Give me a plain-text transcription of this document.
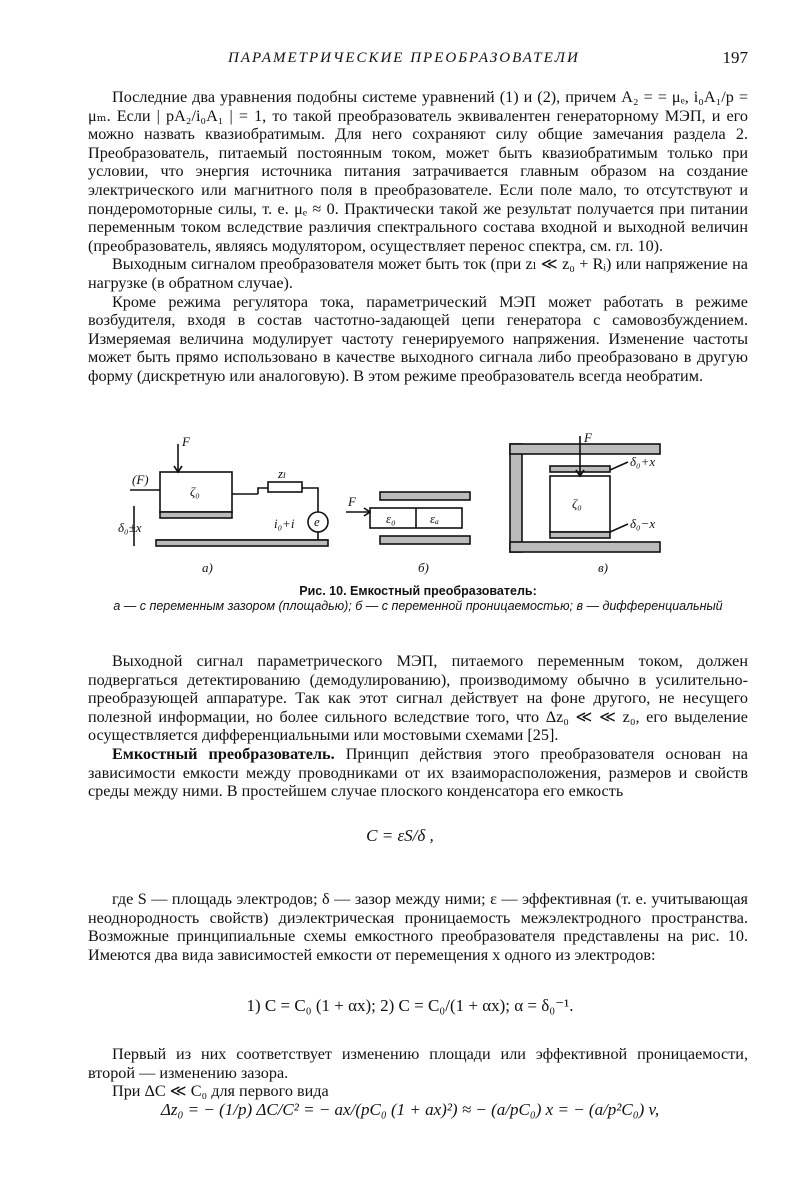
ПАРАМЕТРИЧЕСКИЕ ПРЕОБРАЗОВАТЕЛИ	197

Последние два уравнения подобны системе уравнений (1) и (2), причем A₂ = = μₑ, i₀A₁/p = μₘ. Если | pA₂/i₀A₁ | = 1, то такой преобразователь эквивалентен генераторному МЭП, и его можно назвать квазиобратимым. Для него сохраняют силу общие замечания раздела 2. Преобразователь, питаемый постоянным током, может быть квазиобратимым только при условии, что энергия источника питания затрачивается главным образом на создание электрического или магнитного поля в преобразователе. Если поле мало, то отсутствуют и пондеромоторные силы, т. е. μₑ ≈ 0. Практически такой же результат получается при питании переменным током вследствие различия спектрального состава входной и выходной величин (преобразователь, являясь модулятором, осуществляет перенос спектра, см. гл. 10).

Выходным сигналом преобразователя может быть ток (при zₗ ≪ z₀ + Rᵢ) или напряжение на нагрузке (в обратном случае).

Кроме режима регулятора тока, параметрический МЭП может работать в режиме возбудителя, входя в состав частотно-задающей цепи генератора с самовозбуждением. Измеряемая величина модулирует частоту генерируемого напряжения. Изменение частоты может быть прямо использовано в качестве выходного сигнала либо преобразовано в другую форму (дискретную или аналоговую). В этом режиме преобразователь всегда необратим.

F
(F)
ζ₀
zₗ
i₀+i e
δ₀±x
а)
F
ε₀	εₐ
б)
F
δ₀+x
ζ₀
δ₀−x
в)
Рис. 10. Емкостный преобразователь:
а — с переменным зазором (площадью); б — с переменной проницаемостью; в — дифференциальный

Выходной сигнал параметрического МЭП, питаемого переменным током, должен подвергаться детектированию (демодулированию), производимому обычно в усилительно-преобразующей аппаратуре. Так как этот сигнал действует на фоне другого, не несущего полезной информации, но более сильного вследствие того, что Δz₀ ≪ ≪ z₀, его выделение осуществляется дифференциальными или мостовыми схемами [25].

Емкостный преобразователь. Принцип действия этого преобразователя основан на зависимости емкости между проводниками от их взаиморасположения, размеров и свойств среды между ними. В простейшем случае плоского конденсатора его емкость

C = εS/δ ,

где S — площадь электродов; δ — зазор между ними; ε — эффективная (т. е. учитывающая неоднородность свойств) диэлектрическая проницаемость межэлектродного пространства. Возможные принципиальные схемы емкостного преобразователя представлены на рис. 10. Имеются два вида зависимостей емкости от перемещения x одного из электродов:

1) C = C₀ (1 + αx); 2) C = C₀/(1 + αx); α = δ₀⁻¹.

Первый из них соответствует изменению площади или эффективной проницаемости, второй — изменению зазора.

При ΔC ≪ C₀ для первого вида

Δz₀ = − (1/p) ΔC/C² = − ax/(pC₀ (1 + ax)²) ≈ − (a/pC₀) x = − (a/p²C₀) v,
